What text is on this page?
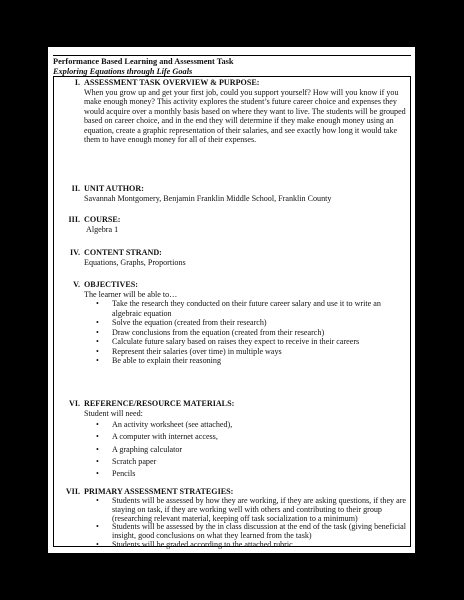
Performance Based Learning and Assessment Task
Exploring Equations through Life Goals
I. ASSESSMENT TASK OVERVIEW & PURPOSE:
When you grow up and get your first job, could you support yourself? How will you know if you make enough money? This activity explores the student’s future career choice and expenses they would acquire over a monthly basis based on where they want to live. The students will be grouped based on career choice, and in the end they will determine if they make enough money using an equation, create a graphic representation of their salaries, and see exactly how long it would take them to have enough money for all of their expenses.
II. UNIT AUTHOR:
Savannah Montgomery, Benjamin Franklin Middle School, Franklin County
III. COURSE:
Algebra 1
IV. CONTENT STRAND:
Equations, Graphs, Proportions
V. OBJECTIVES:
The learner will be able to…
• Take the research they conducted on their future career salary and use it to write an algebraic equation
• Solve the equation (created from their research)
• Draw conclusions from the equation (created from their research)
• Calculate future salary based on raises they expect to receive in their careers
• Represent their salaries (over time) in multiple ways
• Be able to explain their reasoning
VI. REFERENCE/RESOURCE MATERIALS:
Student will need:
• An activity worksheet (see attached),
• A computer with internet access,
• A graphing calculator
• Scratch paper
• Pencils
VII. PRIMARY ASSESSMENT STRATEGIES:
• Students will be assessed by how they are working, if they are asking questions, if they are staying on task, if they are working well with others and contributing to their group (researching relevant material, keeping off task socialization to a minimum)
• Students will be assessed by the in class discussion at the end of the task (giving beneficial insight, good conclusions on what they learned from the task)
• Students will be graded according to the attached rubric
